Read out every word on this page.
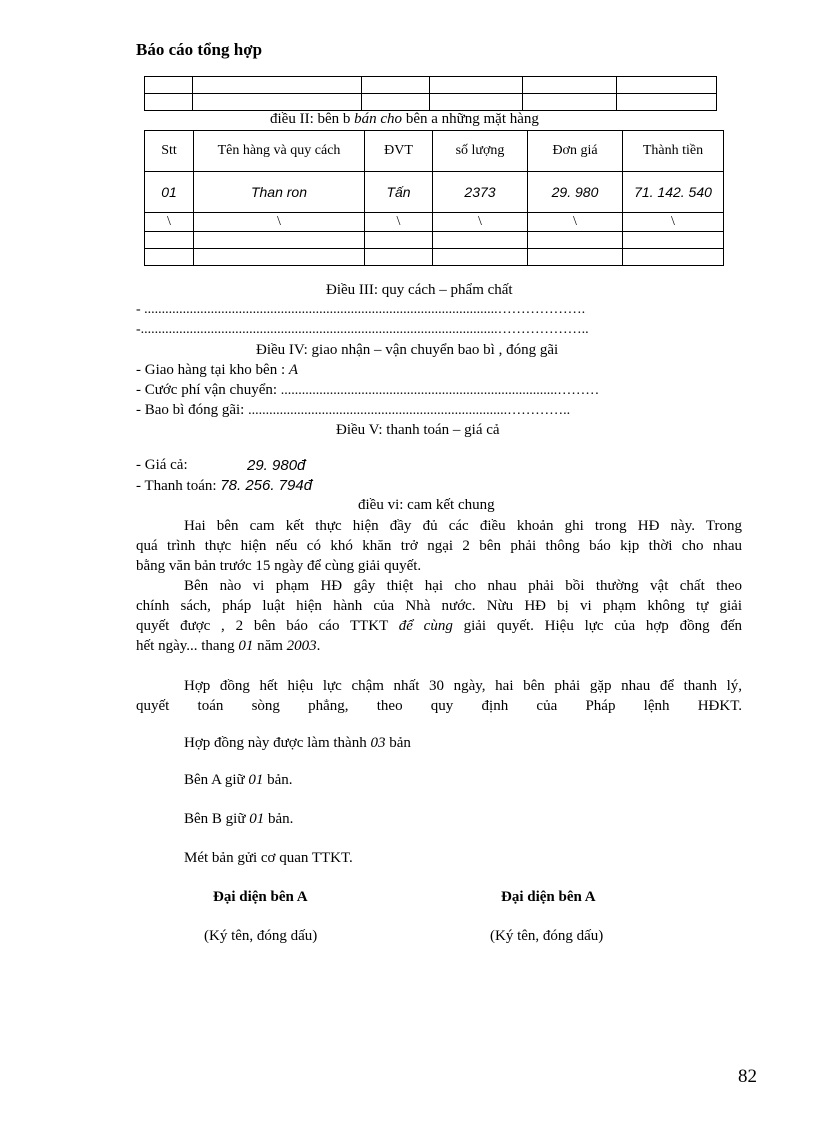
Báo cáo tổng hợp

điều II: bên b bán cho bên a những mặt hàng
Stt	Tên hàng và quy cách	ĐVT	số lượng	Đơn giá	Thành tiền
01	Than ron	Tấn	2373	29. 980	71. 142. 540
\	\	\	\	\	\

Điều III: quy cách – phẩm chất
- .....................................................................................................……………….
-......................................................................................................………………..
Điều IV: giao nhận – vận chuyển bao bì , đóng gãi
- Giao hàng tại kho bên : A
- Cước phí vận chuyển: ...............................................................................………
- Bao bì đóng gãi: ..........................................................................…………..
Điều V: thanh toán – giá cả
- Giá cả:	29. 980đ
- Thanh toán: 78. 256. 794đ
điều vi: cam kết chung
Hai bên cam kết thực hiện đầy đủ các điều khoản ghi trong HĐ này. Trong
quá trình thực hiện nếu có khó khăn trở ngại 2 bên phải thông báo kịp thời cho nhau
bằng văn bản trước 15 ngày để cùng giải quyết.
Bên nào vi phạm HĐ gây thiệt hại cho nhau phải bồi thường vật chất theo
chính sách, pháp luật hiện hành của Nhà nước. Nừu HĐ bị vi phạm không tự giải
quyết được , 2 bên báo cáo TTKT để cùng giải quyết. Hiệu lực của hợp đồng đến
hết ngày... thang 01 năm 2003.
Hợp đồng hết hiệu lực chậm nhất 30 ngày, hai bên phải gặp nhau để thanh lý,
quyết toán sòng phẳng, theo quy định của Pháp lệnh HĐKT.
Hợp đồng này được làm thành 03 bản
Bên A giữ 01 bản.
Bên B giữ 01 bản.
Mét bản gửi cơ quan TTKT.
Đại diện bên A
(Ký tên, đóng dấu)
Đại diện bên A
(Ký tên, đóng dấu)
82
